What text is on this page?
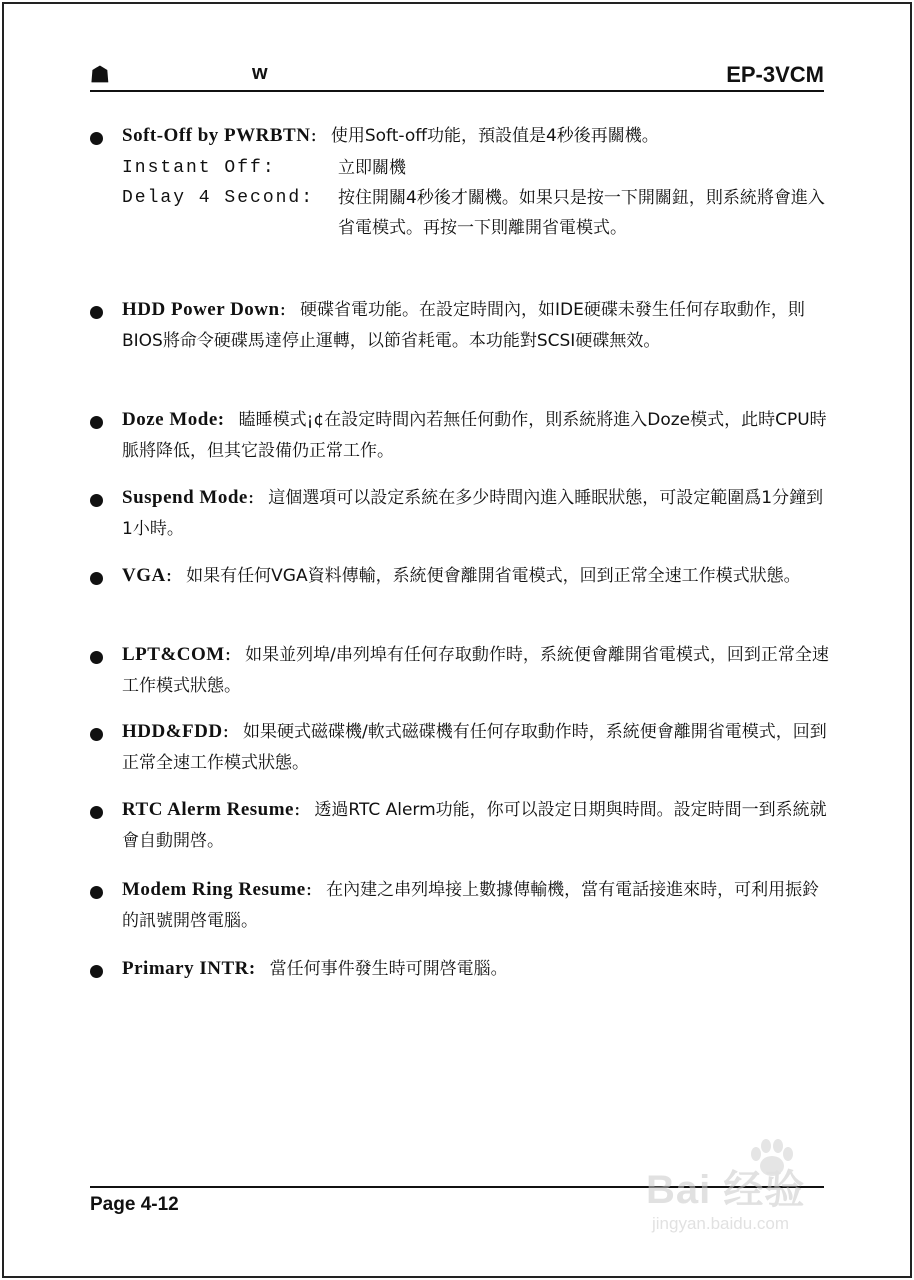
☗	w	EP-3VCM
Soft-Off by PWRBTN: 使用Soft-off功能，預設值是4秒後再關機。
Instant Off:	立即關機
Delay 4 Second:	按住開關4秒後才關機。如果只是按一下開關鈕，則系統將會進入省電模式。再按一下則離開省電模式。
HDD Power Down: 硬碟省電功能。在設定時間內，如IDE硬碟未發生任何存取動作，則BIOS將命令硬碟馬達停止運轉，以節省耗電。本功能對SCSI硬碟無效。
Doze Mode: 瞌睡模式¡¢在設定時間內若無任何動作，則系統將進入Doze模式，此時CPU時脈將降低，但其它設備仍正常工作。
Suspend Mode: 這個選項可以設定系統在多少時間內進入睡眠狀態，可設定範圍爲1分鐘到1小時。
VGA: 如果有任何VGA資料傳輸，系統便會離開省電模式，回到正常全速工作模式狀態。
LPT&COM: 如果並列埠/串列埠有任何存取動作時，系統便會離開省電模式，回到正常全速工作模式狀態。
HDD&FDD: 如果硬式磁碟機/軟式磁碟機有任何存取動作時，系統便會離開省電模式，回到正常全速工作模式狀態。
RTC Alerm Resume: 透過RTC Alerm功能，你可以設定日期與時間。設定時間一到系統就會自動開啓。
Modem Ring Resume: 在內建之串列埠接上數據傳輸機，當有電話接進來時，可利用振鈴的訊號開啓電腦。
Primary INTR: 當任何事件發生時可開啓電腦。
Page 4-12	Bai 经验
jingyan.baidu.com
